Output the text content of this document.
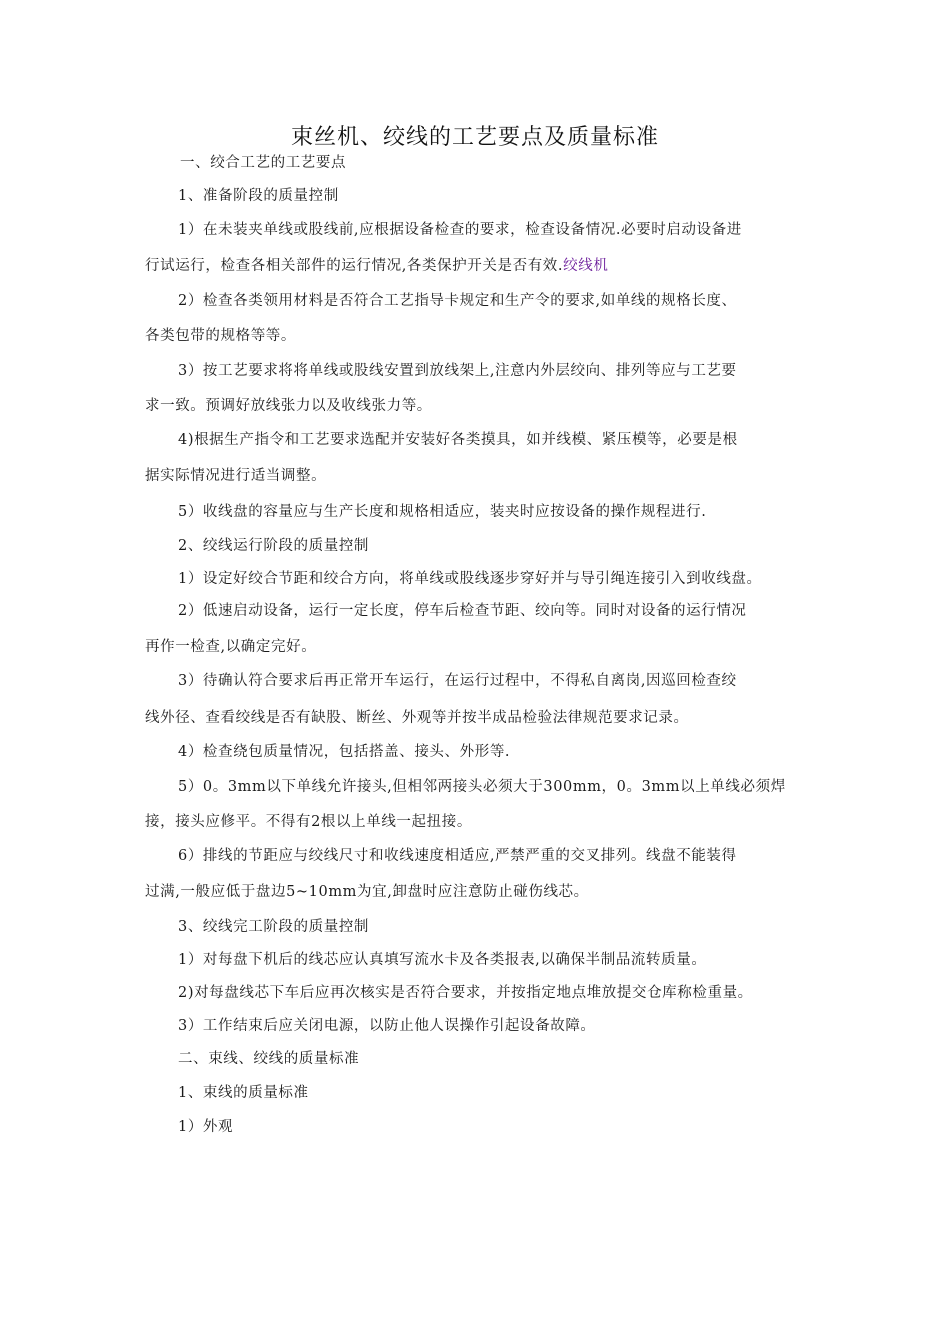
束丝机、绞线的工艺要点及质量标准
一、绞合工艺的工艺要点
1、准备阶段的质量控制
1）在未装夹单线或股线前,应根据设备检查的要求，检查设备情况.必要时启动设备进
行试运行，检查各相关部件的运行情况,各类保护开关是否有效.绞线机
2）检查各类领用材料是否符合工艺指导卡规定和生产令的要求,如单线的规格长度、
各类包带的规格等等。
3）按工艺要求将将单线或股线安置到放线架上,注意内外层绞向、排列等应与工艺要
求一致。预调好放线张力以及收线张力等。
4)根据生产指令和工艺要求选配并安装好各类摸具，如并线模、紧压模等，必要是根
据实际情况进行适当调整。
5）收线盘的容量应与生产长度和规格相适应，装夹时应按设备的操作规程进行.
2、绞线运行阶段的质量控制
1）设定好绞合节距和绞合方向，将单线或股线逐步穿好并与导引绳连接引入到收线盘。
2）低速启动设备，运行一定长度，停车后检查节距、绞向等。同时对设备的运行情况
再作一检查,以确定完好。
3）待确认符合要求后再正常开车运行，在运行过程中，不得私自离岗,因巡回检查绞
线外径、查看绞线是否有缺股、断丝、外观等并按半成品检验法律规范要求记录。
4）检查绕包质量情况，包括搭盖、接头、外形等.
5）0。3mm以下单线允许接头,但相邻两接头必须大于300mm，0。3mm以上单线必须焊
接，接头应修平。不得有2根以上单线一起扭接。
6）排线的节距应与绞线尺寸和收线速度相适应,严禁严重的交叉排列。线盘不能装得
过满,一般应低于盘边5~10mm为宜,卸盘时应注意防止碰伤线芯。
3、绞线完工阶段的质量控制
1）对每盘下机后的线芯应认真填写流水卡及各类报表,以确保半制品流转质量。
2)对每盘线芯下车后应再次核实是否符合要求，并按指定地点堆放提交仓库称检重量。
3）工作结束后应关闭电源，以防止他人误操作引起设备故障。
二、束线、绞线的质量标准
1、束线的质量标准
1）外观
